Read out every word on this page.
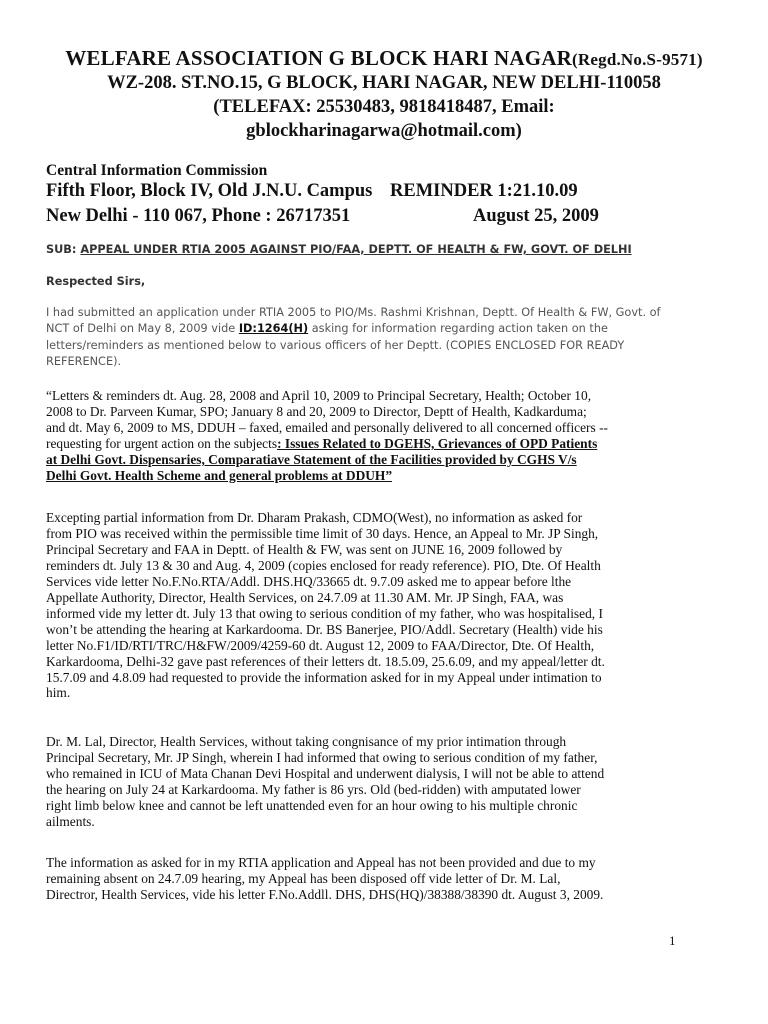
WELFARE ASSOCIATION G BLOCK HARI NAGAR(Regd.No.S-9571)

WZ-208. ST.NO.15, G BLOCK, HARI NAGAR, NEW DELHI-110058

(TELEFAX: 25530483, 9818418487, Email:

gblockharinagarwa@hotmail.com)

Central Information Commission

Fifth Floor, Block IV, Old J.N.U. Campus REMINDER 1:21.10.09

New Delhi - 110 067, Phone : 26717351	August 25, 2009

SUB: APPEAL UNDER RTIA 2005 AGAINST PIO/FAA, DEPTT. OF HEALTH & FW, GOVT. OF DELHI

Respected Sirs,

I had submitted an application under RTIA 2005 to PIO/Ms. Rashmi Krishnan, Deptt. Of Health & FW, Govt. of
NCT of Delhi on May 8, 2009 vide ID:1264(H) asking for information regarding action taken on the
letters/reminders as mentioned below to various officers of her Deptt. (COPIES ENCLOSED FOR READY
REFERENCE).

“Letters & reminders dt. Aug. 28, 2008 and April 10, 2009 to Principal Secretary, Health; October 10,
2008 to Dr. Parveen Kumar, SPO; January 8 and 20, 2009 to Director, Deptt of Health, Kadkarduma;
and dt. May 6, 2009 to MS, DDUH – faxed, emailed and personally delivered to all concerned officers --
requesting for urgent action on the subjects: Issues Related to DGEHS, Grievances of OPD Patients
at Delhi Govt. Dispensaries, Comparatiave Statement of the Facilities provided by CGHS V/s
Delhi Govt. Health Scheme and general problems at DDUH”

Excepting partial information from Dr. Dharam Prakash, CDMO(West), no information as asked for
from PIO was received within the permissible time limit of 30 days. Hence, an Appeal to Mr. JP Singh,
Principal Secretary and FAA in Deptt. of Health & FW, was sent on JUNE 16, 2009 followed by
reminders dt. July 13 & 30 and Aug. 4, 2009 (copies enclosed for ready reference). PIO, Dte. Of Health
Services vide letter No.F.No.RTA/Addl. DHS.HQ/33665 dt. 9.7.09 asked me to appear before lthe
Appellate Authority, Director, Health Services, on 24.7.09 at 11.30 AM. Mr. JP Singh, FAA, was
informed vide my letter dt. July 13 that owing to serious condition of my father, who was hospitalised, I
won’t be attending the hearing at Karkardooma. Dr. BS Banerjee, PIO/Addl. Secretary (Health) vide his
letter No.F1/ID/RTI/TRC/H&FW/2009/4259-60 dt. August 12, 2009 to FAA/Director, Dte. Of Health,
Karkardooma, Delhi-32 gave past references of their letters dt. 18.5.09, 25.6.09, and my appeal/letter dt.
15.7.09 and 4.8.09 had requested to provide the information asked for in my Appeal under intimation to
him.

Dr. M. Lal, Director, Health Services, without taking congnisance of my prior intimation through
Principal Secretary, Mr. JP Singh, wherein I had informed that owing to serious condition of my father,
who remained in ICU of Mata Chanan Devi Hospital and underwent dialysis, I will not be able to attend
the hearing on July 24 at Karkardooma. My father is 86 yrs. Old (bed-ridden) with amputated lower
right limb below knee and cannot be left unattended even for an hour owing to his multiple chronic
ailments.

The information as asked for in my RTIA application and Appeal has not been provided and due to my
remaining absent on 24.7.09 hearing, my Appeal has been disposed off vide letter of Dr. M. Lal,
Directror, Health Services, vide his letter F.No.Addll. DHS, DHS(HQ)/38388/38390 dt. August 3, 2009.

1
